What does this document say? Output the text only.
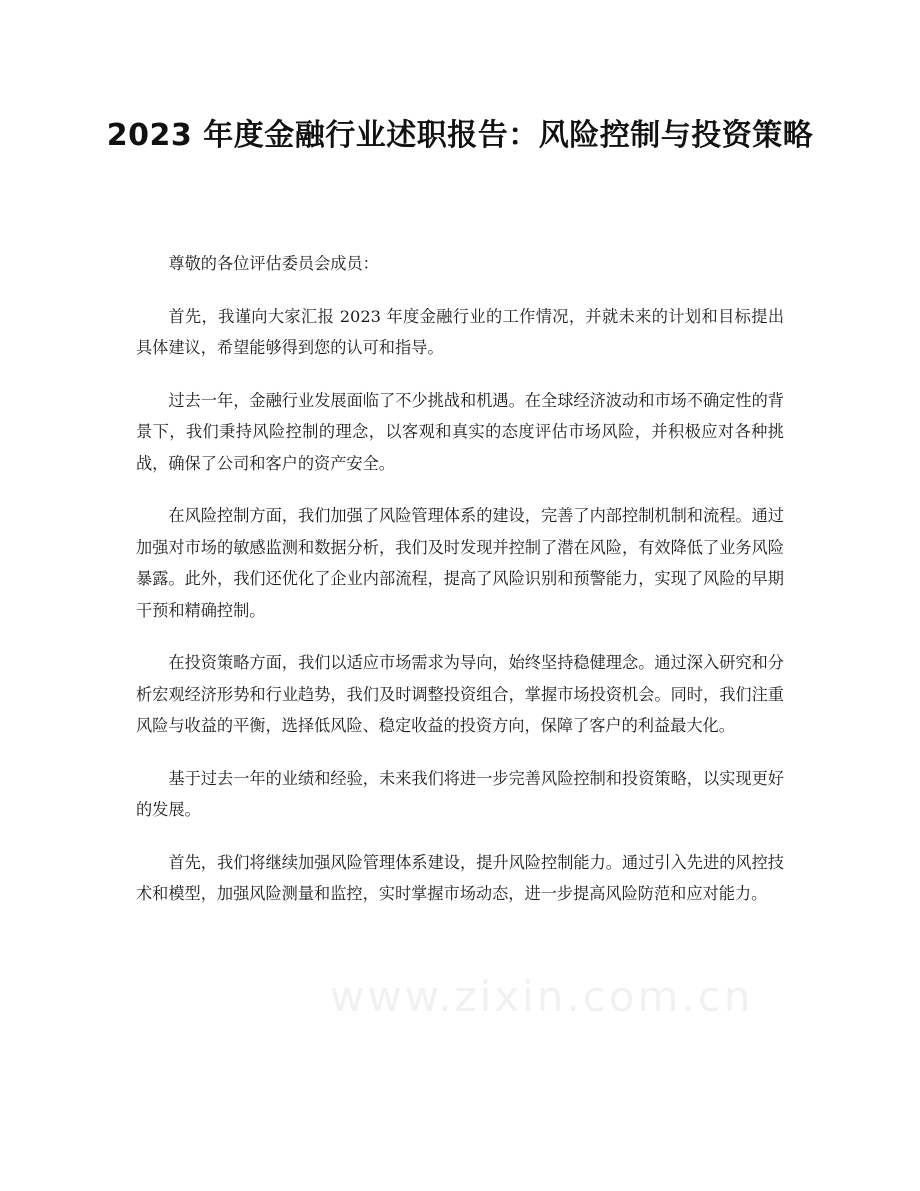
2023 年度金融行业述职报告：风险控制与投资策略

尊敬的各位评估委员会成员：

首先，我谨向大家汇报 2023 年度金融行业的工作情况，并就未来的计划和目标提出具体建议，希望能够得到您的认可和指导。

过去一年，金融行业发展面临了不少挑战和机遇。在全球经济波动和市场不确定性的背景下，我们秉持风险控制的理念，以客观和真实的态度评估市场风险，并积极应对各种挑战，确保了公司和客户的资产安全。

在风险控制方面，我们加强了风险管理体系的建设，完善了内部控制机制和流程。通过加强对市场的敏感监测和数据分析，我们及时发现并控制了潜在风险，有效降低了业务风险暴露。此外，我们还优化了企业内部流程，提高了风险识别和预警能力，实现了风险的早期干预和精确控制。

在投资策略方面，我们以适应市场需求为导向，始终坚持稳健理念。通过深入研究和分析宏观经济形势和行业趋势，我们及时调整投资组合，掌握市场投资机会。同时，我们注重风险与收益的平衡，选择低风险、稳定收益的投资方向，保障了客户的利益最大化。

基于过去一年的业绩和经验，未来我们将进一步完善风险控制和投资策略，以实现更好的发展。

首先，我们将继续加强风险管理体系建设，提升风险控制能力。通过引入先进的风控技术和模型，加强风险测量和监控，实时掌握市场动态，进一步提高风险防范和应对能力。

www.zixin.com.cn
